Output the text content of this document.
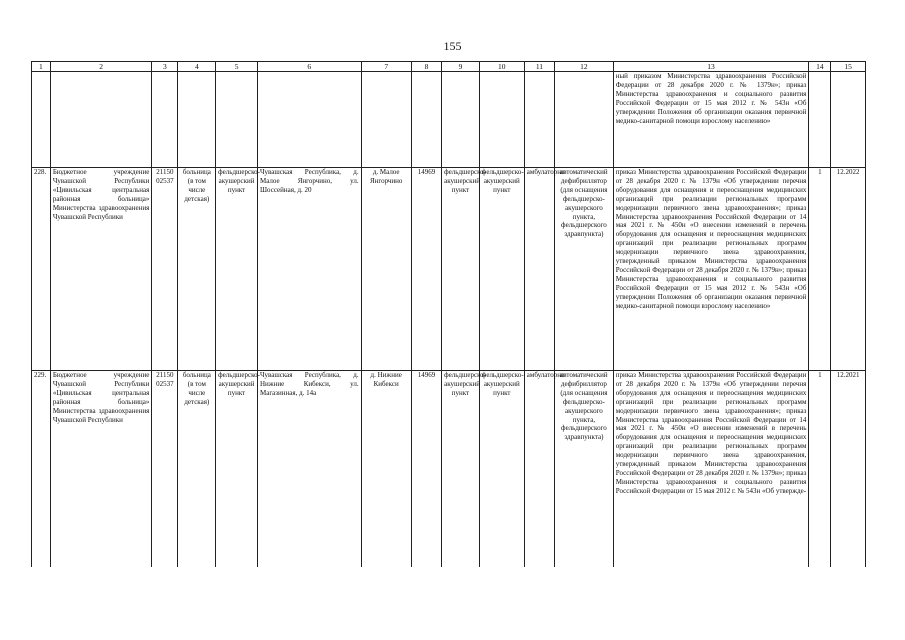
155
1	2	3	4	5	6	7	8	9	10	11	12	13	14	15
												ный приказом Министерства здравоохранения Российской Федерации от 28 декабря 2020 г. № 1379н»; приказ Министерства здравоохранения и социального развития Российской Федерации от 15 мая 2012 г. № 543н «Об утверждении Положения об организации оказания первичной медико-санитарной помощи взрослому населению»		
228.	Бюджетное учреждение Чувашской Республики «Цивильская центральная районная больница» Министерства здравоохранения Чувашской Республики	21150 02537	больница (в том числе детская)	фельдшерско-акушерский пункт	Чувашская Республика, д. Малое Янгорчино, ул. Шоссейная, д. 20	д. Малое Янгорчино	14969	фельдшерско-акушерский пункт	фельдшерско-акушерский пункт	амбулаторно	автоматический дефибриллятор (для оснащения фельдшерско-акушерского пункта, фельдшерского здравпункта)	приказ Министерства здравоохранения Российской Федерации от 28 декабря 2020 г. № 1379н «Об утверждении перечня оборудования для оснащения и переоснащения медицинских организаций при реализации региональных программ модернизации первичного звена здравоохранения»; приказ Министерства здравоохранения Российской Федерации от 14 мая 2021 г. № 450н «О внесении изменений в перечень оборудования для оснащения и переоснащения медицинских организаций при реализации региональных программ модернизации первичного звена здравоохранения, утвержденный приказом Министерства здравоохранения Российской Федерации от 28 декабря 2020 г. № 1379н»; приказ Министерства здравоохранения и социального развития Российской Федерации от 15 мая 2012 г. № 543н «Об утверждении Положения об организации оказания первичной медико-санитарной помощи взрослому населению»	1	12.2022
229.	Бюджетное учреждение Чувашской Республики «Цивильская центральная районная больница» Министерства здравоохранения Чувашской Республики	21150 02537	больница (в том числе детская)	фельдшерско-акушерский пункт	Чувашская Республика, д. Нижние Кибекси, ул. Магазинная, д. 14а	д. Нижние Кибекси	14969	фельдшерско-акушерский пункт	фельдшерско-акушерский пункт	амбулаторно	автоматический дефибриллятор (для оснащения фельдшерско-акушерского пункта, фельдшерского здравпункта)	приказ Министерства здравоохранения Российской Федерации от 28 декабря 2020 г. № 1379н «Об утверждении перечня оборудования для оснащения и переоснащения медицинских организаций при реализации региональных программ модернизации первичного звена здравоохранения»; приказ Министерства здравоохранения Российской Федерации от 14 мая 2021 г. № 450н «О внесении изменений в перечень оборудования для оснащения и переоснащения медицинских организаций при реализации региональных программ модернизации первичного звена здравоохранения, утвержденный приказом Министерства здравоохранения Российской Федерации от 28 декабря 2020 г. № 1379н»; приказ Министерства здравоохранения и социального развития Российской Федерации от 15 мая 2012 г. № 543н «Об утвержде-	1	12.2021
